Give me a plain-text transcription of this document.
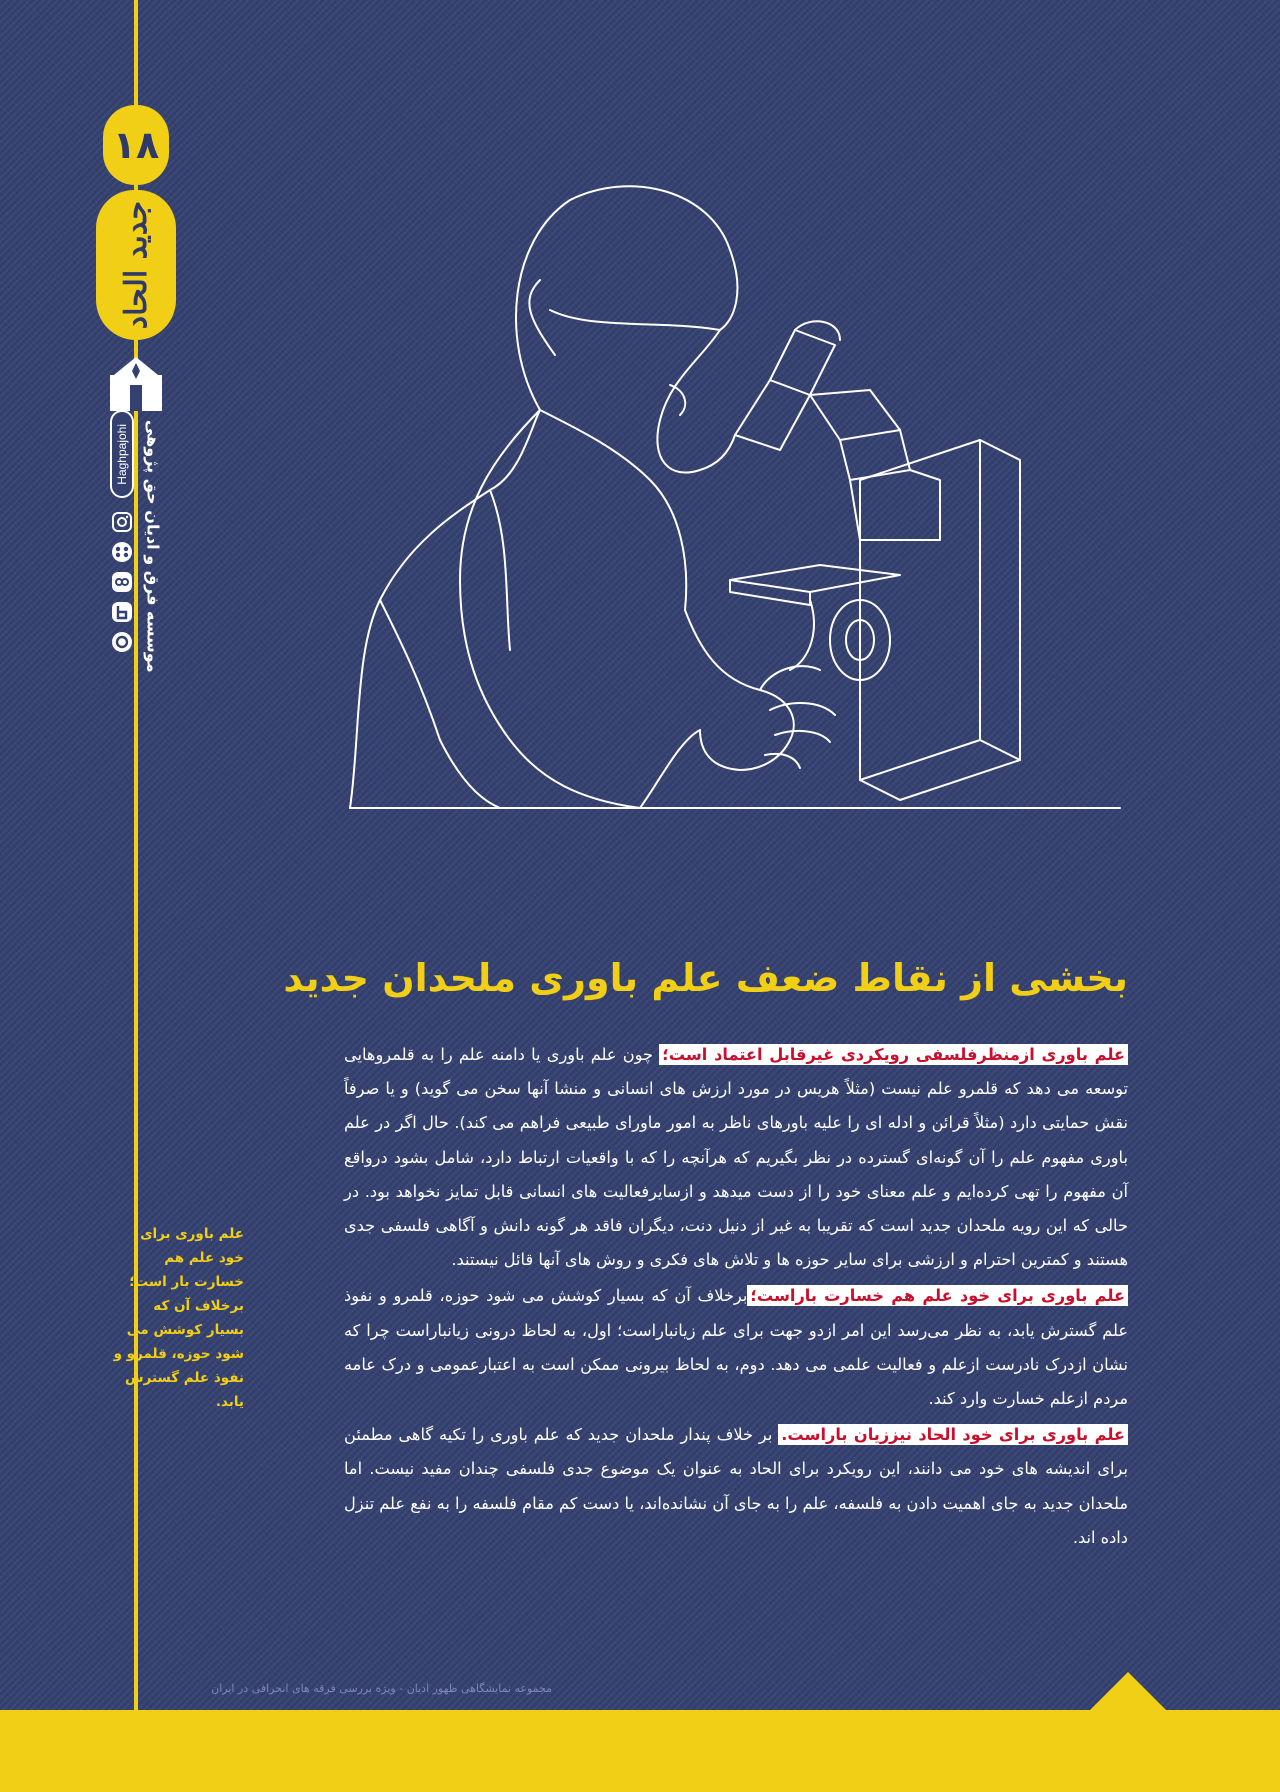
۱۸
جدید الحاد
Haghpajohi موسسه فرق و ادیان حق پژوهی
علم باوری برای خود علم هم خسارت بار است؛ برخلاف آن که بسیار کوشش می شود حوزه، قلمرو و نفوذ علم گسترش یابد.
بخشی از نقاط ضعف علم باوری ملحدان جدید

علم باوری ازمنظرفلسفی رویکردی غیرقابل اعتماد است؛ چون علم باوری یا دامنه علم را به قلمروهایی توسعه می دهد که قلمرو علم نیست (مثلاً هریس در مورد ارزش های انسانی و منشا آنها سخن می گوید) و یا صرفاً نقش حمایتی دارد (مثلاً قرائن و ادله ای را علیه باورهای ناظر به امور ماورای طبیعی فراهم می کند). حال اگر در علم باوری مفهوم علم را آن گونه‌ای گسترده در نظر بگیریم که هرآنچه را که با واقعیات ارتباط دارد، شامل بشود درواقع آن مفهوم را تهی کرده‌ایم و علم معنای خود را از دست میدهد و ازسایرفعالیت های انسانی قابل تمایز نخواهد بود. در حالی که این رویه ملحدان جدید است که تقریبا به غیر از دنیل دنت، دیگران فاقد هر گونه دانش و آگاهی فلسفی جدی هستند و کمترین احترام و ارزشی برای سایر حوزه ها و تلاش های فکری و روش های آنها قائل نیستند.

علم باوری برای خود علم هم خسارت باراست؛برخلاف آن که بسیار کوشش می شود حوزه، قلمرو و نفوذ علم گسترش یابد، به نظر می‌رسد این امر ازدو جهت برای علم زیانباراست؛ اول، به لحاظ درونی زیانباراست چرا که نشان ازدرک نادرست ازعلم و فعالیت علمی می دهد. دوم، به لحاظ بیرونی ممکن است به اعتبارعمومی و درک عامه مردم ازعلم خسارت وارد کند.

علم باوری برای خود الحاد نیززیان باراست. بر خلاف پندار ملحدان جدید که علم باوری را تکیه گاهی مطمئن برای اندیشه های خود می دانند، این رویکرد برای الحاد به عنوان یک موضوع جدی فلسفی چندان مفید نیست. اما ملحدان جدید به جای اهمیت دادن به فلسفه، علم را به جای آن نشانده‌اند، یا دست کم مقام فلسفه را به نفع علم تنزل داده اند.

مجموعه نمایشگاهی ظهور ادیان - ویژه بررسی فرقه های انحرافی در ایران
